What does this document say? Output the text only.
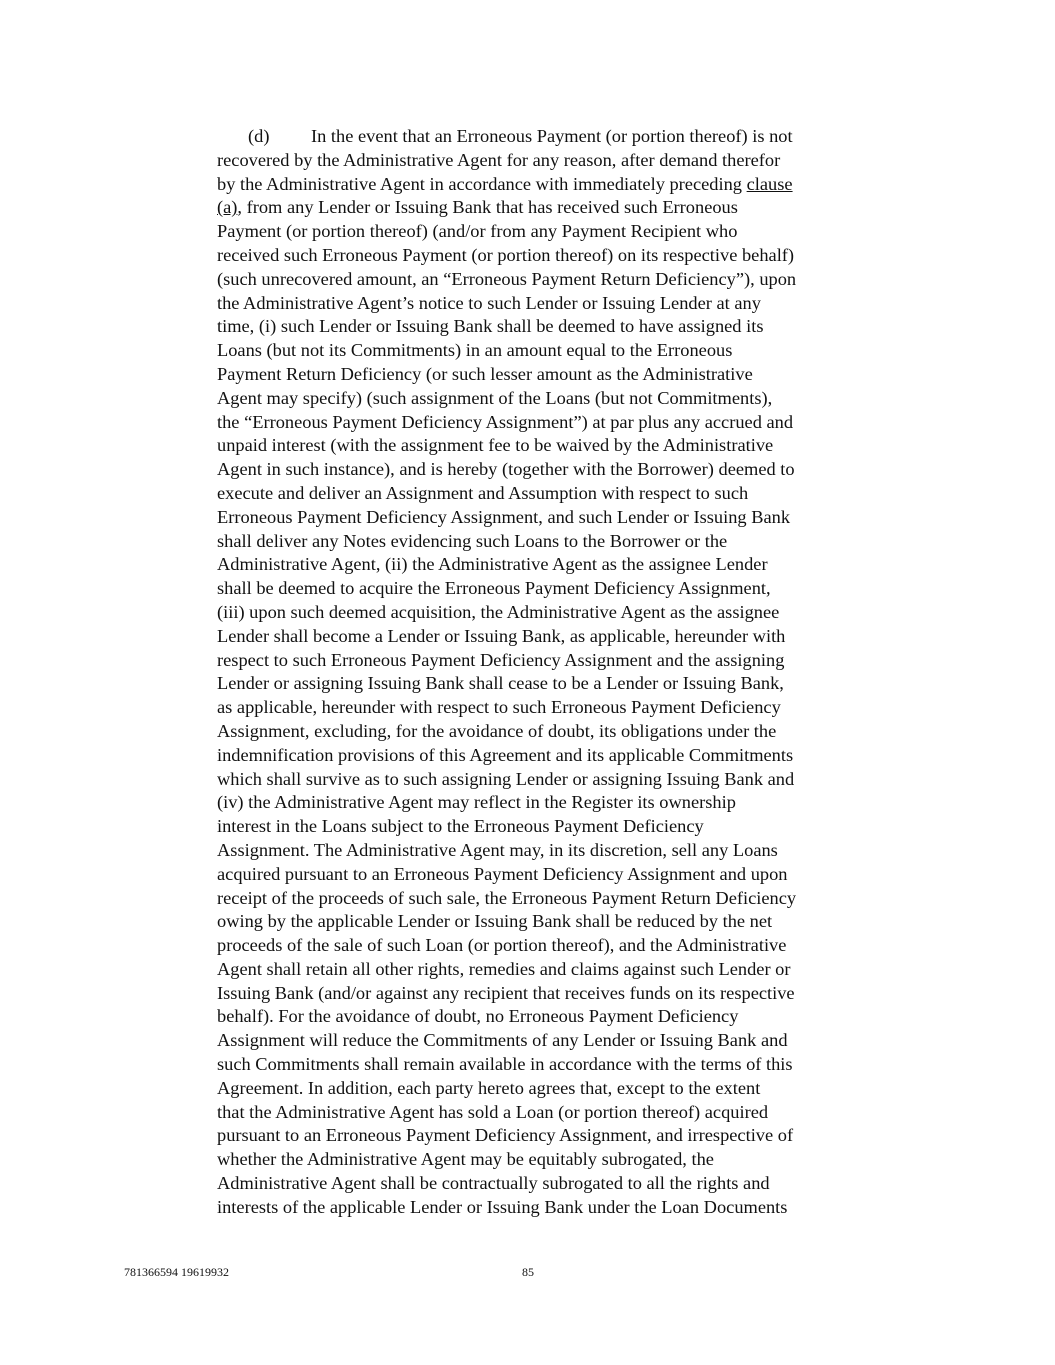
(d)	In the event that an Erroneous Payment (or portion thereof) is not
recovered by the Administrative Agent for any reason, after demand therefor
by the Administrative Agent in accordance with immediately preceding
clause
(a) , from any Lender or Issuing Bank that has received such Erroneous
Payment (or portion thereof) (and/or from any Payment Recipient who
received such Erroneous Payment (or portion thereof) on its respective behalf)
(such unrecovered amount, an “Erroneous Payment Return Deficiency”), upon
the Administrative Agent’s notice to such Lender or Issuing Lender at any
time, (i) such Lender or Issuing Bank shall be deemed to have assigned its
Loans (but not its Commitments) in an amount equal to the Erroneous
Payment Return Deficiency (or such lesser amount as the Administrative
Agent may specify) (such assignment of the Loans (but not Commitments),
the “Erroneous Payment Deficiency Assignment”) at par plus any accrued and
unpaid interest (with the assignment fee to be waived by the Administrative
Agent in such instance), and is hereby (together with the Borrower) deemed to
execute and deliver an Assignment and Assumption with respect to such
Erroneous Payment Deficiency Assignment, and such Lender or Issuing Bank
shall deliver any Notes evidencing such Loans to the Borrower or the
Administrative Agent, (ii) the Administrative Agent as the assignee Lender
shall be deemed to acquire the Erroneous Payment Deficiency Assignment,
(iii) upon such deemed acquisition, the Administrative Agent as the assignee
Lender shall become a Lender or Issuing Bank, as applicable, hereunder with
respect to such Erroneous Payment Deficiency Assignment and the assigning
Lender or assigning Issuing Bank shall cease to be a Lender or Issuing Bank,
as applicable, hereunder with respect to such Erroneous Payment Deficiency
Assignment, excluding, for the avoidance of doubt, its obligations under the
indemnification provisions of this Agreement and its applicable Commitments
which shall survive as to such assigning Lender or assigning Issuing Bank and
(iv) the Administrative Agent may reflect in the Register its ownership
interest in the Loans subject to the Erroneous Payment Deficiency
Assignment. The Administrative Agent may, in its discretion, sell any Loans
acquired pursuant to an Erroneous Payment Deficiency Assignment and upon
receipt of the proceeds of such sale, the Erroneous Payment Return Deficiency
owing by the applicable Lender or Issuing Bank shall be reduced by the net
proceeds of the sale of such Loan (or portion thereof), and the Administrative
Agent shall retain all other rights, remedies and claims against such Lender or
Issuing Bank (and/or against any recipient that receives funds on its respective
behalf). For the avoidance of doubt, no Erroneous Payment Deficiency
Assignment will reduce the Commitments of any Lender or Issuing Bank and
such Commitments shall remain available in accordance with the terms of this
Agreement. In addition, each party hereto agrees that, except to the extent
that the Administrative Agent has sold a Loan (or portion thereof) acquired
pursuant to an Erroneous Payment Deficiency Assignment, and irrespective of
whether the Administrative Agent may be equitably subrogated, the
Administrative Agent shall be contractually subrogated to all the rights and
interests of the applicable Lender or Issuing Bank under the Loan Documents
781366594 19619932	85
